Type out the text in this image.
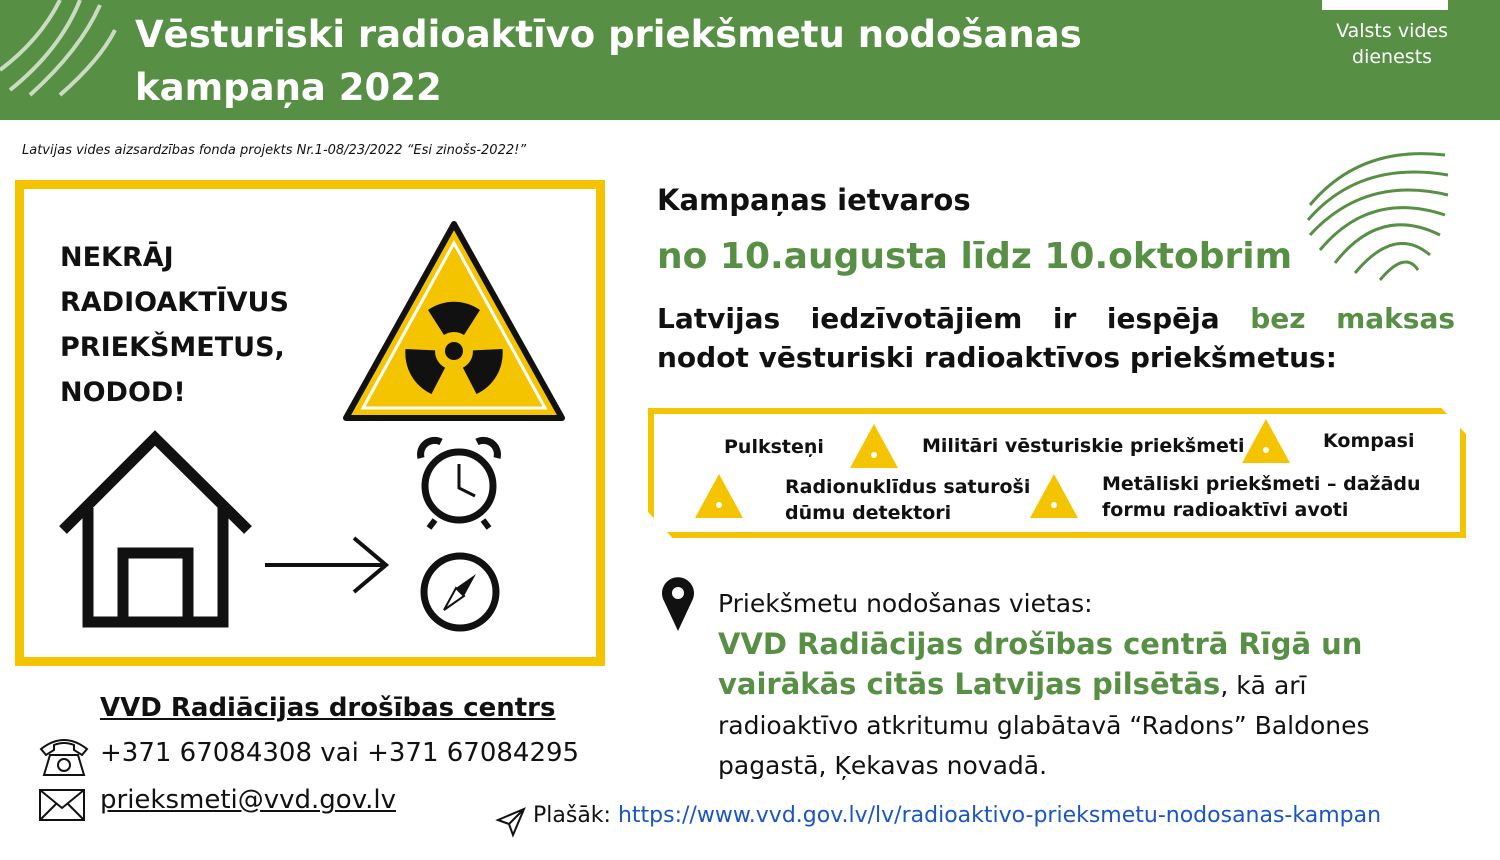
Vēsturiski radioaktīvo priekšmetu nodošanas
kampaņa 2022
Valsts vides
dienests
Latvijas vides aizsardzības fonda projekts Nr.1-08/23/2022 “Esi zinošs-2022!”
NEKRĀJ
RADIOAKTĪVUS
PRIEKŠMETUS,
NODOD!
Kampaņas ietvaros
no 10.augusta līdz 10.oktobrim
Latvijas iedzīvotājiem ir iespēja bez maksas
nodot vēsturiski radioaktīvos priekšmetus:
Pulksteņi	Militāri vēsturiskie priekšmeti	Kompasi
Radionuklīdus saturoši
dūmu detektori
Metāliski priekšmeti – dažādu
formu radioaktīvi avoti
Priekšmetu nodošanas vietas:
VVD Radiācijas drošības centrā Rīgā un
vairākās citās Latvijas pilsētās, kā arī
radioaktīvo atkritumu glabātavā “Radons” Baldones
pagastā, Ķekavas novadā.
VVD Radiācijas drošības centrs
+371 67084308 vai +371 67084295
prieksmeti@vvd.gov.lv
Plašāk: https://www.vvd.gov.lv/lv/radioaktivo-prieksmetu-nodosanas-kampan
